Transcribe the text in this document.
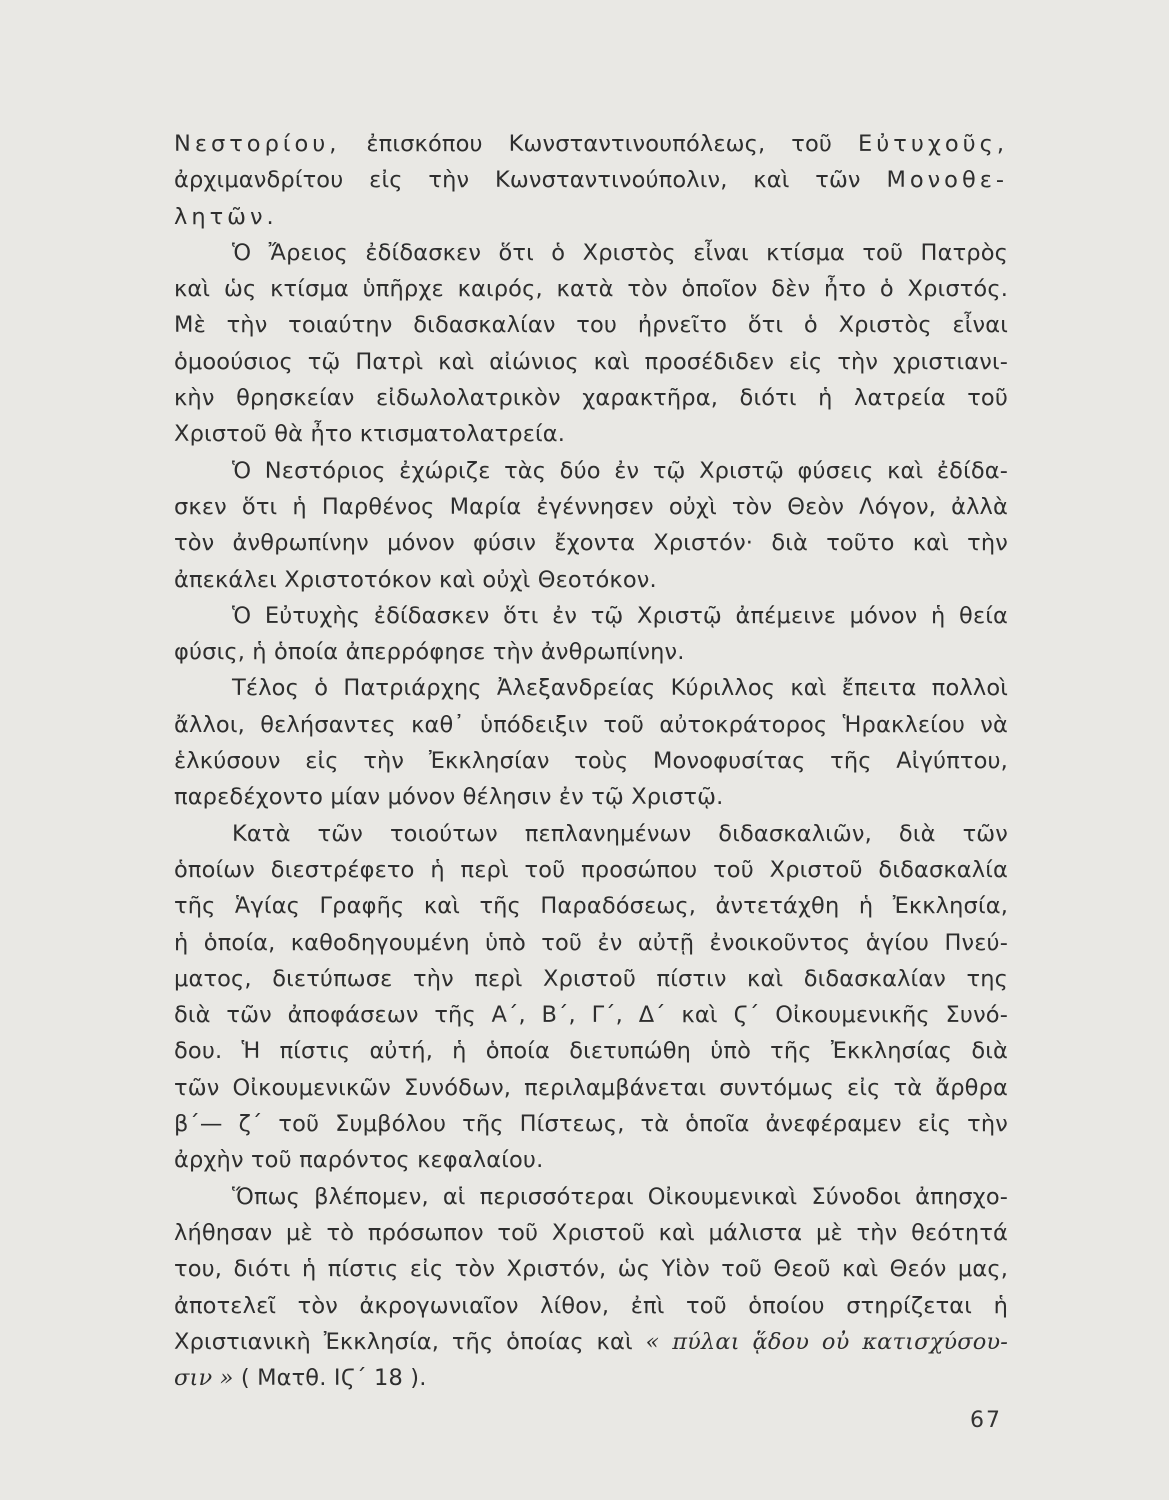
Νεστορίου, ἐπισκόπου Κωνσταντινουπόλεως, τοῦ Εὐτυχοῦς,
ἀρχιμανδρίτου εἰς τὴν Κωνσταντινούπολιν, καὶ τῶν Μονοθε-
λητῶν.
Ὁ Ἄρειος ἐδίδασκεν ὅτι ὁ Χριστὸς εἶναι κτίσμα τοῦ Πατρὸς
καὶ ὡς κτίσμα ὑπῆρχε καιρός, κατὰ τὸν ὁποῖον δὲν ἦτο ὁ Χριστός.
Μὲ τὴν τοιαύτην διδασκαλίαν του ἠρνεῖτο ὅτι ὁ Χριστὸς εἶναι
ὁμοούσιος τῷ Πατρὶ καὶ αἰώνιος καὶ προσέδιδεν εἰς τὴν χριστιανι-
κὴν θρησκείαν εἰδωλολατρικὸν χαρακτῆρα, διότι ἡ λατρεία τοῦ
Χριστοῦ θὰ ἦτο κτισματολατρεία.
Ὁ Νεστόριος ἐχώριζε τὰς δύο ἐν τῷ Χριστῷ φύσεις καὶ ἐδίδα-
σκεν ὅτι ἡ Παρθένος Μαρία ἐγέννησεν οὐχὶ τὸν Θεὸν Λόγον, ἀλλὰ
τὸν ἀνθρωπίνην μόνον φύσιν ἔχοντα Χριστόν· διὰ τοῦτο καὶ τὴν
ἀπεκάλει Χριστοτόκον καὶ οὐχὶ Θεοτόκον.
Ὁ Εὐτυχὴς ἐδίδασκεν ὅτι ἐν τῷ Χριστῷ ἀπέμεινε μόνον ἡ θεία
φύσις, ἡ ὁποία ἀπερρόφησε τὴν ἀνθρωπίνην.
Τέλος ὁ Πατριάρχης Ἀλεξανδρείας Κύριλλος καὶ ἔπειτα πολλοὶ
ἄλλοι, θελήσαντες καθ᾽ ὑπόδειξιν τοῦ αὐτοκράτορος Ἡρακλείου νὰ
ἑλκύσουν εἰς τὴν Ἐκκλησίαν τοὺς Μονοφυσίτας τῆς Αἰγύπτου,
παρεδέχοντο μίαν μόνον θέλησιν ἐν τῷ Χριστῷ.
Κατὰ τῶν τοιούτων πεπλανημένων διδασκαλιῶν, διὰ τῶν
ὁποίων διεστρέφετο ἡ περὶ τοῦ προσώπου τοῦ Χριστοῦ διδασκαλία
τῆς Ἁγίας Γραφῆς καὶ τῆς Παραδόσεως, ἀντετάχθη ἡ Ἐκκλησία,
ἡ ὁποία, καθοδηγουμένη ὑπὸ τοῦ ἐν αὐτῇ ἐνοικοῦντος ἁγίου Πνεύ-
ματος, διετύπωσε τὴν περὶ Χριστοῦ πίστιν καὶ διδασκαλίαν της
διὰ τῶν ἀποφάσεων τῆς Α΄, Β΄, Γ΄, Δ΄ καὶ Ϛ΄ Οἰκουμενικῆς Συνό-
δου. Ἡ πίστις αὐτή, ἡ ὁποία διετυπώθη ὑπὸ τῆς Ἐκκλησίας διὰ
τῶν Οἰκουμενικῶν Συνόδων, περιλαμβάνεται συντόμως εἰς τὰ ἄρθρα
β΄— ζ΄ τοῦ Συμβόλου τῆς Πίστεως, τὰ ὁποῖα ἀνεφέραμεν εἰς τὴν
ἀρχὴν τοῦ παρόντος κεφαλαίου.
Ὅπως βλέπομεν, αἱ περισσότεραι Οἰκουμενικαὶ Σύνοδοι ἀπησχο-
λήθησαν μὲ τὸ πρόσωπον τοῦ Χριστοῦ καὶ μάλιστα μὲ τὴν θεότητά
του, διότι ἡ πίστις εἰς τὸν Χριστόν, ὡς Υἱὸν τοῦ Θεοῦ καὶ Θεόν μας,
ἀποτελεῖ τὸν ἀκρογωνιαῖον λίθον, ἐπὶ τοῦ ὁποίου στηρίζεται ἡ
Χριστιανικὴ Ἐκκλησία, τῆς ὁποίας καὶ « πύλαι ᾅδου οὐ κατισχύσου-
σιν » ( Ματθ. ΙϚ΄ 18 ).
67
